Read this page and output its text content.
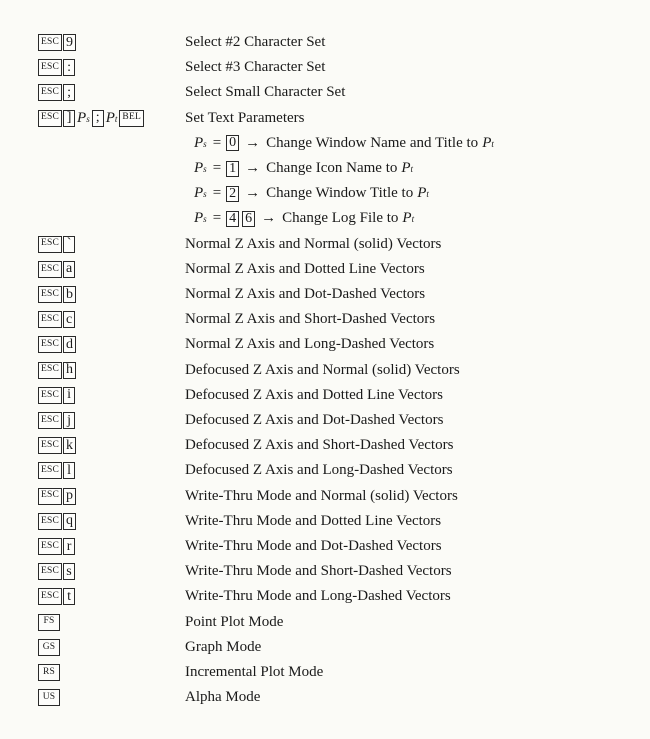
ESC 9	Select #2 Character Set
ESC :	Select #3 Character Set
ESC ;	Select Small Character Set
ESC ] P s ; P t BEL	Set Text Parameters
P s = 0 → Change Window Name and Title to P t
P s = 1 → Change Icon Name to P t
P s = 2 → Change Window Title to P t
P s = 4 6 → Change Log File to P t
ESC `	Normal Z Axis and Normal (solid) Vectors
ESC a	Normal Z Axis and Dotted Line Vectors
ESC b	Normal Z Axis and Dot-Dashed Vectors
ESC c	Normal Z Axis and Short-Dashed Vectors
ESC d	Normal Z Axis and Long-Dashed Vectors
ESC h	Defocused Z Axis and Normal (solid) Vectors
ESC i	Defocused Z Axis and Dotted Line Vectors
ESC j	Defocused Z Axis and Dot-Dashed Vectors
ESC k	Defocused Z Axis and Short-Dashed Vectors
ESC l	Defocused Z Axis and Long-Dashed Vectors
ESC p	Write-Thru Mode and Normal (solid) Vectors
ESC q	Write-Thru Mode and Dotted Line Vectors
ESC r	Write-Thru Mode and Dot-Dashed Vectors
ESC s	Write-Thru Mode and Short-Dashed Vectors
ESC t	Write-Thru Mode and Long-Dashed Vectors
FS	Point Plot Mode
GS	Graph Mode
RS	Incremental Plot Mode
US	Alpha Mode
